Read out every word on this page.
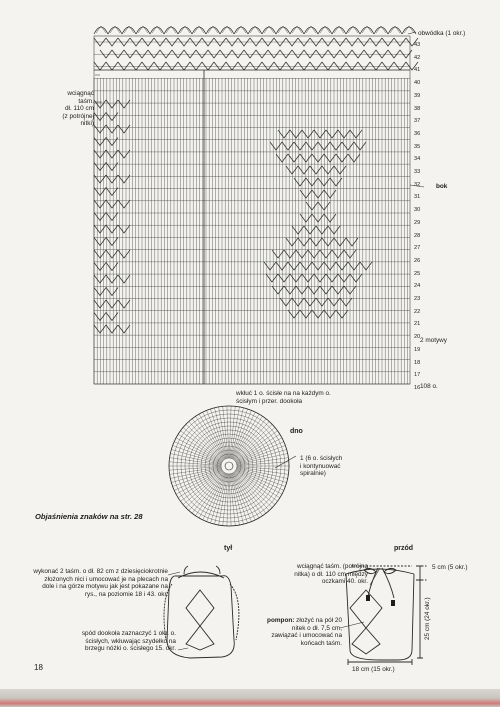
43
42
41
40
39
38
37
36
35
34
33
32
31
30
29
28
27
26
25
24
23
22
21
20
19
18
17
16
obwódka (1 okr.)
bok
2 motywy
108 o.
wciągnąć
taśm.
dł. 110 cm
(z potrójnej
nitki)
wkłuć 1 o. ścisłe na na każdym o.
ścisłym i przer. dookoła
dno
1 (6 o. ścisłych
i kontynuować
spiralnie)
Objaśnienia znaków na str. 28
tył
wykonać 2 taśm. o dł. 82 cm z dziesięciokrotnie
złożonych nici i umocować je na plecach na
dole i na górze motywu jak jest pokazane na
rys., na poziomie 18 i 43. okr.
spód dookoła zaznaczyć 1 okr. o.
ścisłych, wkłuwając szydełko na
brzegu nóżki o. ścisłego 15. okr.
przód
wciągnąć taśm. (potrójna
nitka) o dł. 110 cm między
oczkami 40. okr.
pompon: złożyć na pół 20
nitek o dł. 7,5 cm,
zawiązać i umocować na
końcach taśm.
5 cm (5 okr.)
25 cm (24 okr.)
18 cm (15 okr.)
18
